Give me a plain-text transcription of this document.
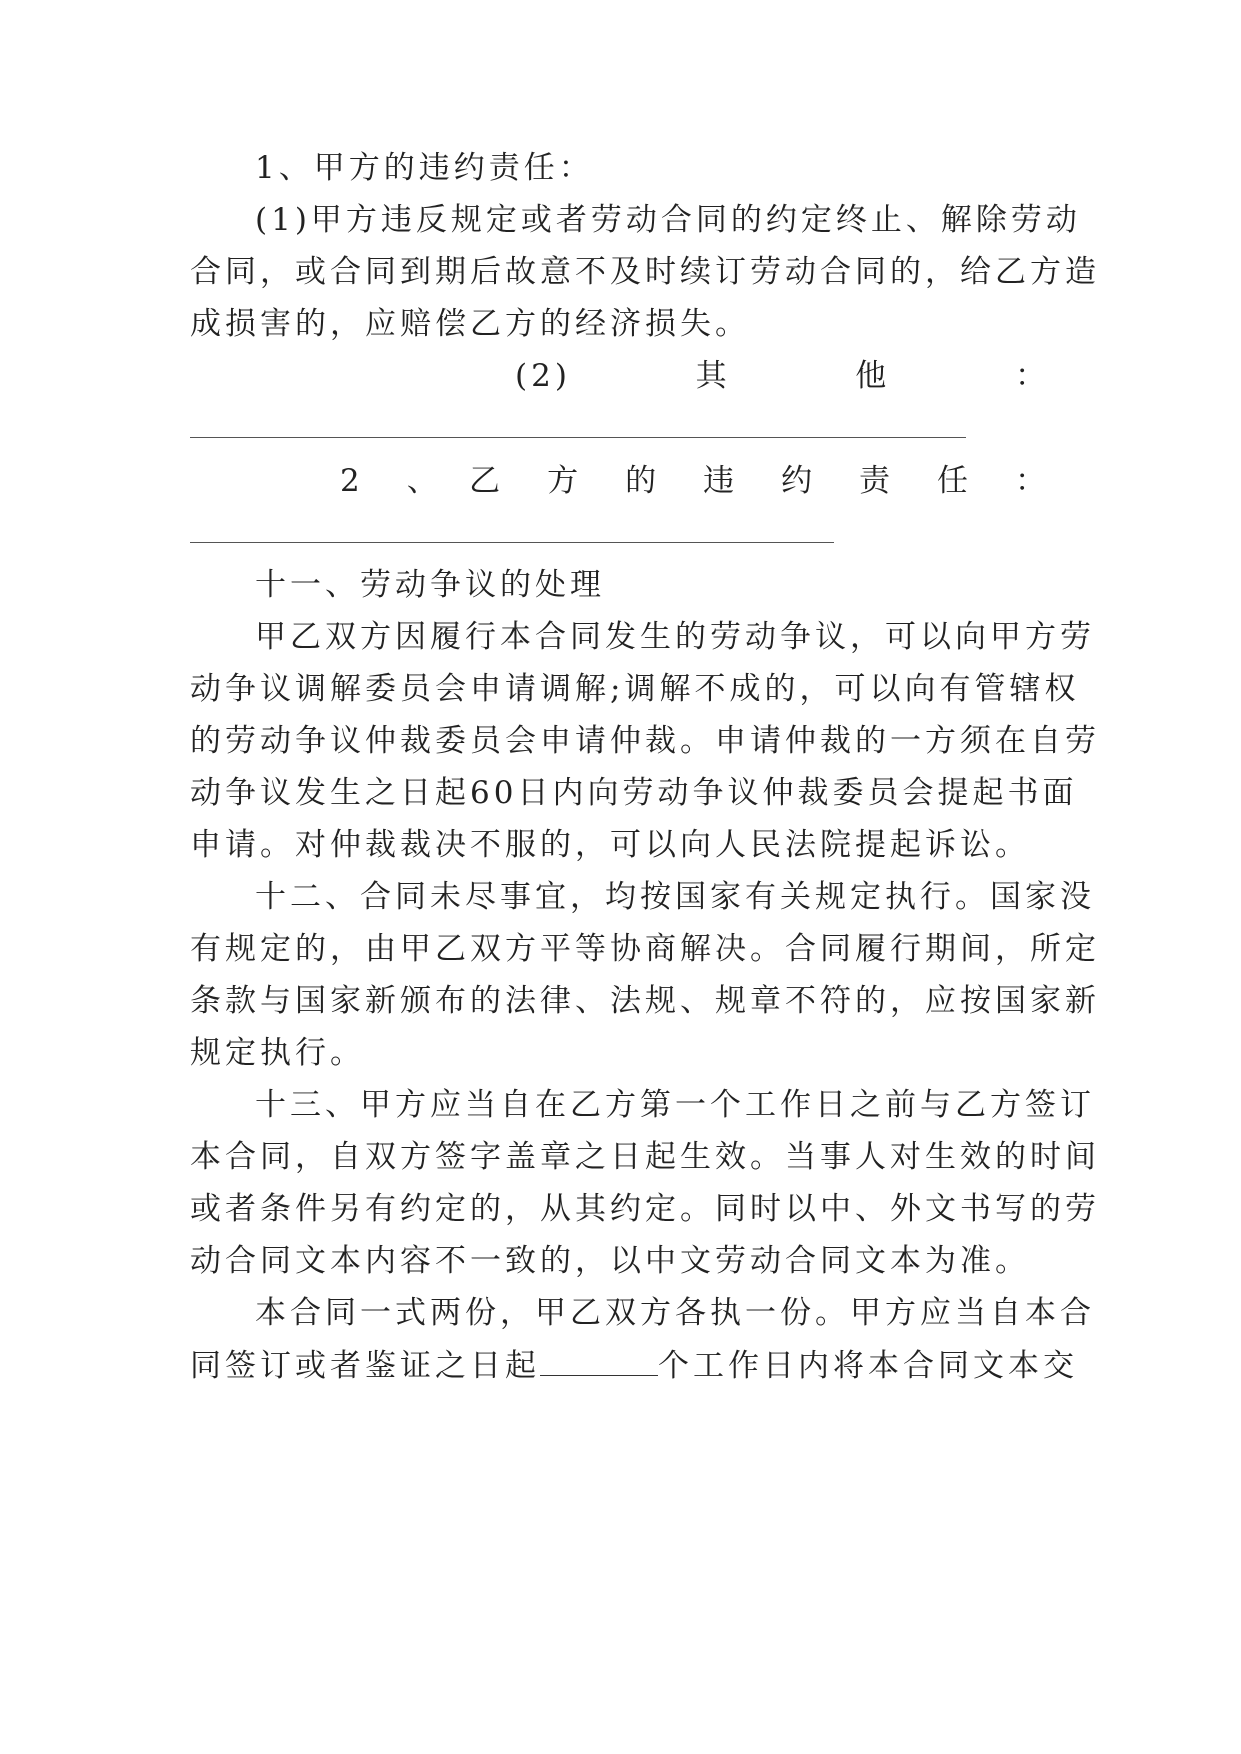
1、甲方的违约责任：
(1)甲方违反规定或者劳动合同的约定终止、解除劳动
合同，或合同到期后故意不及时续订劳动合同的，给乙方造
成损害的，应赔偿乙方的经济损失。
(2)　　其　　他　　：
2　、　乙　方　的　违　约　责　任　：
十一、劳动争议的处理
甲乙双方因履行本合同发生的劳动争议，可以向甲方劳
动争议调解委员会申请调解;调解不成的，可以向有管辖权
的劳动争议仲裁委员会申请仲裁。申请仲裁的一方须在自劳
动争议发生之日起60日内向劳动争议仲裁委员会提起书面
申请。对仲裁裁决不服的，可以向人民法院提起诉讼。
十二、合同未尽事宜，均按国家有关规定执行。国家没
有规定的，由甲乙双方平等协商解决。合同履行期间，所定
条款与国家新颁布的法律、法规、规章不符的，应按国家新
规定执行。
十三、甲方应当自在乙方第一个工作日之前与乙方签订
本合同，自双方签字盖章之日起生效。当事人对生效的时间
或者条件另有约定的，从其约定。同时以中、外文书写的劳
动合同文本内容不一致的，以中文劳动合同文本为准。
本合同一式两份，甲乙双方各执一份。甲方应当自本合
同签订或者鉴证之日起	个工作日内将本合同文本交
